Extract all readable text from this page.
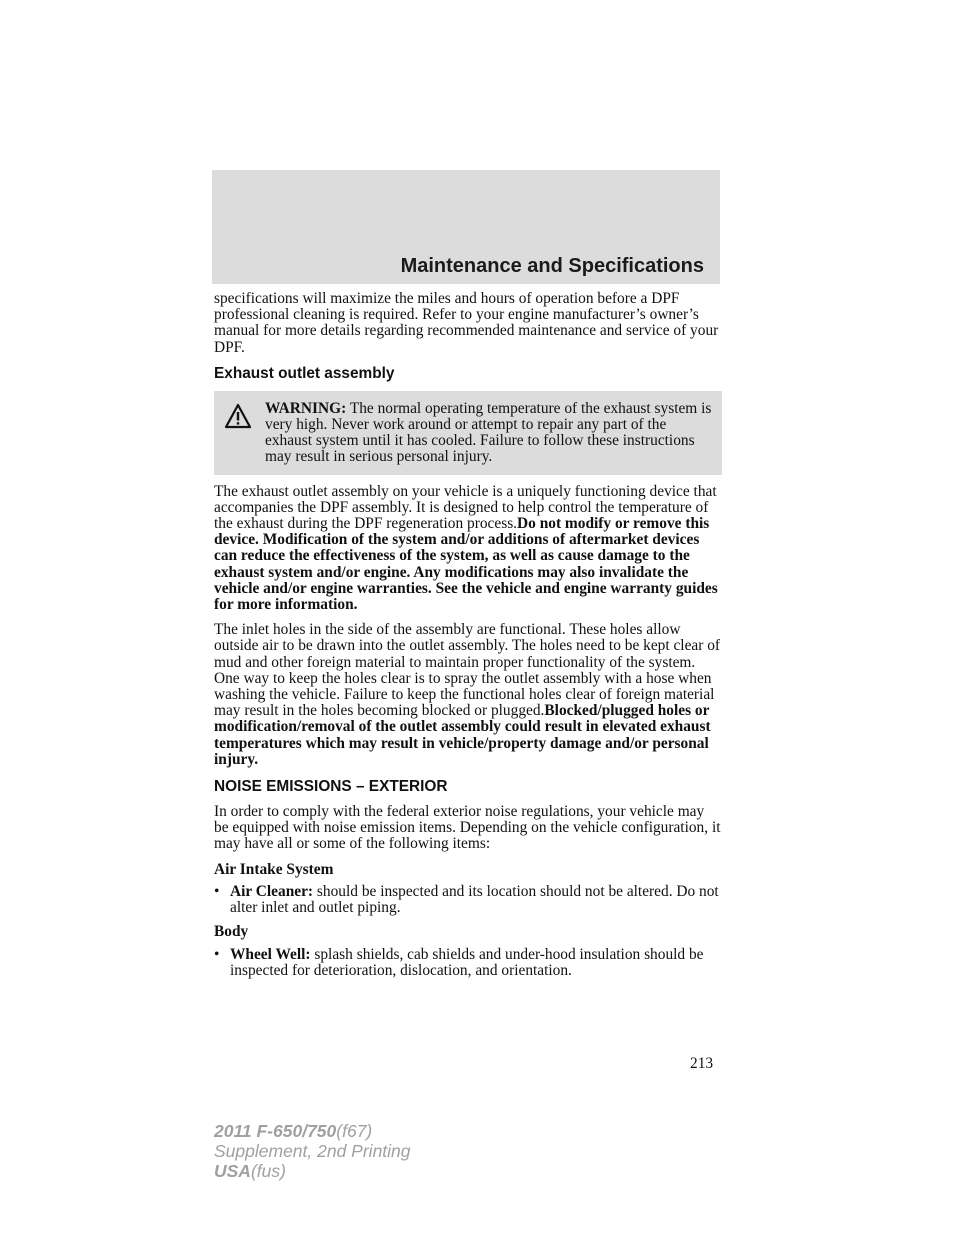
Maintenance and Specifications

specifications will maximize the miles and hours of operation before a DPF professional cleaning is required. Refer to your engine manufacturer’s owner’s manual for more details regarding recommended maintenance and service of your DPF.

Exhaust outlet assembly
WARNING: The normal operating temperature of the exhaust system is very high. Never work around or attempt to repair any part of the exhaust system until it has cooled. Failure to follow these instructions may result in serious personal injury.

The exhaust outlet assembly on your vehicle is a uniquely functioning device that accompanies the DPF assembly. It is designed to help control the temperature of the exhaust during the DPF regeneration process.Do not modify or remove this device. Modification of the system and/or additions of aftermarket devices can reduce the effectiveness of the system, as well as cause damage to the exhaust system and/or engine. Any modifications may also invalidate the vehicle and/or engine warranties. See the vehicle and engine warranty guides for more information.

The inlet holes in the side of the assembly are functional. These holes allow outside air to be drawn into the outlet assembly. The holes need to be kept clear of mud and other foreign material to maintain proper functionality of the system. One way to keep the holes clear is to spray the outlet assembly with a hose when washing the vehicle. Failure to keep the functional holes clear of foreign material may result in the holes becoming blocked or plugged.Blocked/plugged holes or modification/removal of the outlet assembly could result in elevated exhaust temperatures which may result in vehicle/property damage and/or personal injury.

NOISE EMISSIONS – EXTERIOR

In order to comply with the federal exterior noise regulations, your vehicle may be equipped with noise emission items. Depending on the vehicle configuration, it may have all or some of the following items:

Air Intake System
• Air Cleaner: should be inspected and its location should not be altered. Do not alter inlet and outlet piping.
Body
• Wheel Well: splash shields, cab shields and under-hood insulation should be inspected for deterioration, dislocation, and orientation.
213
2011 F-650/750(f67)
Supplement, 2nd Printing
USA(fus)
